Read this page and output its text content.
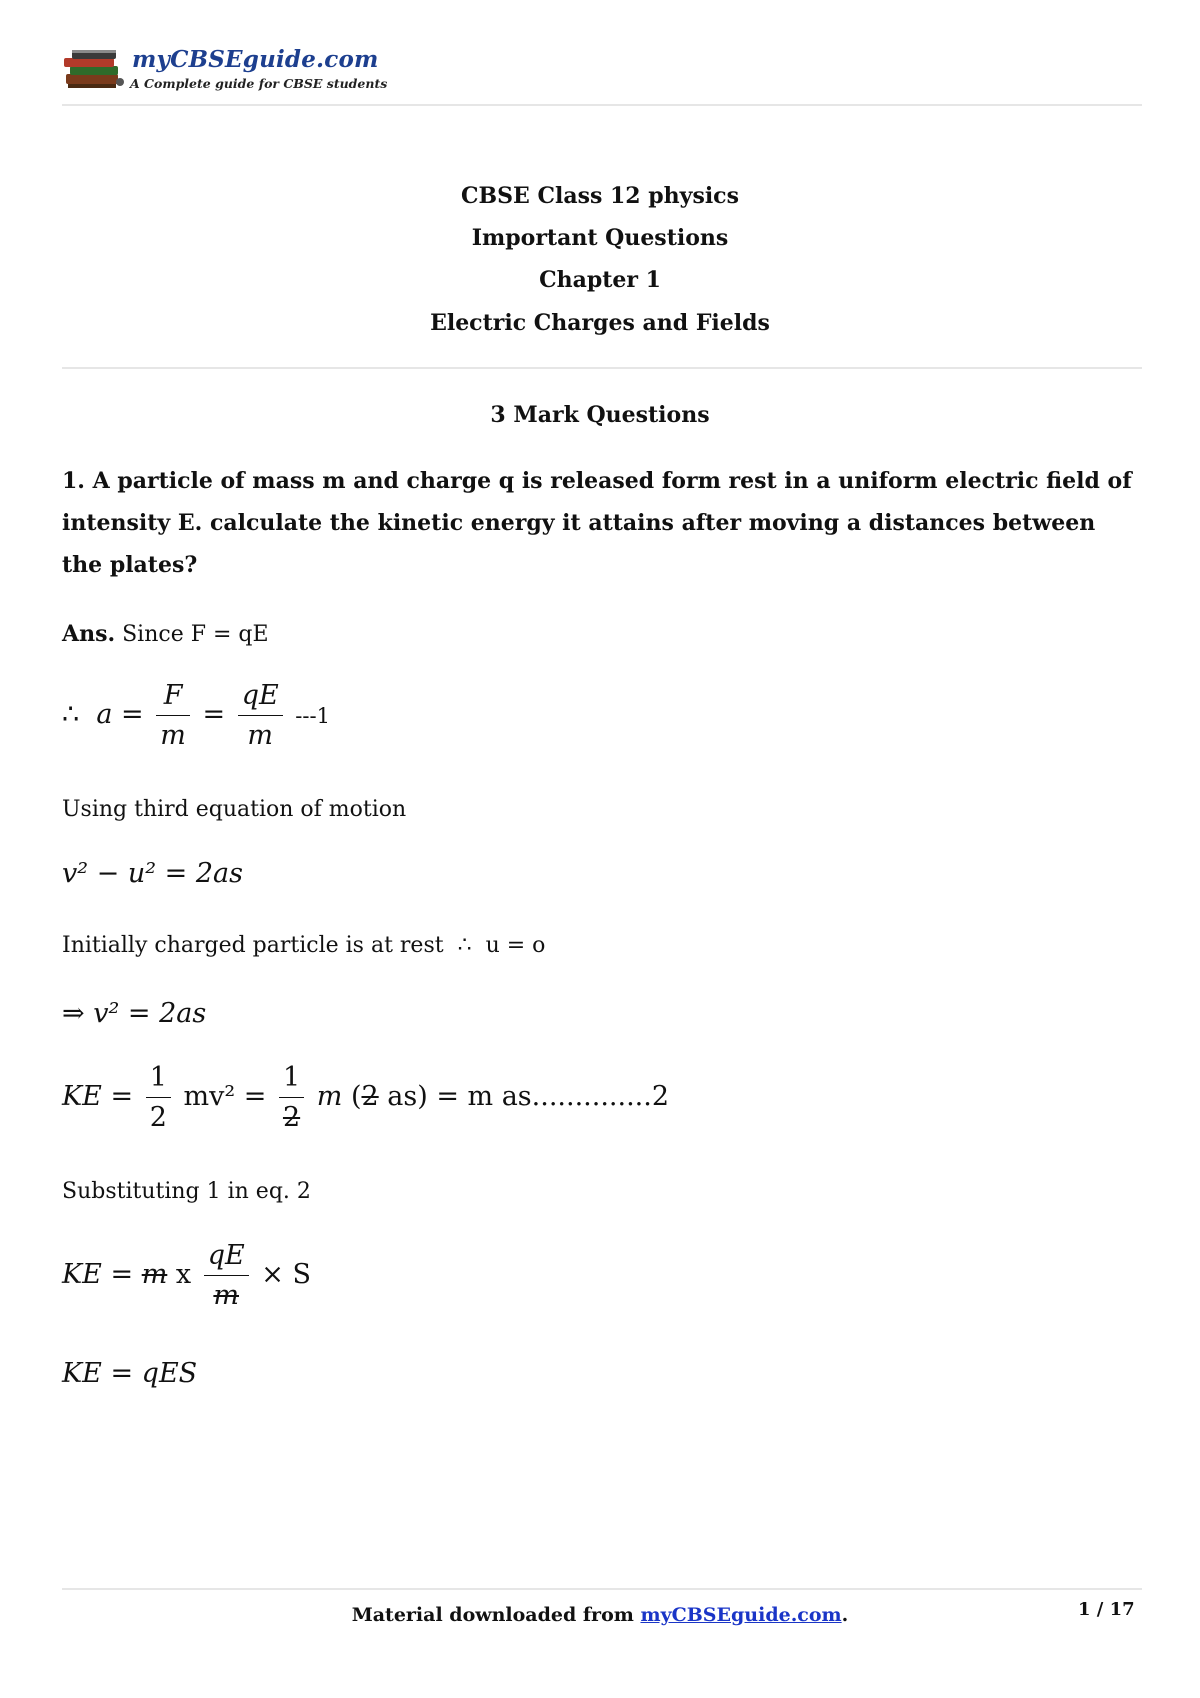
myCBSEguide.com
A Complete guide for CBSE students
CBSE Class 12 physics
Important Questions
Chapter 1
Electric Charges and Fields
3 Mark Questions
1. A particle of mass m and charge q is released form rest in a uniform electric field of intensity E. calculate the kinetic energy it attains after moving a distances between the plates?
Ans. Since F = qE
∴ $a = \frac{F}{m} = \frac{qE}{m} ---1$
Using third equation of motion
v² − u² = 2as
Initially charged particle is at rest ∴ u = o
⇒ v² = 2as
KE = $\frac{1}{2} mv^2 = \frac{1}{2}$ m (2 as) = m as..............2
Substituting 1 in eq. 2
KE = m x $\frac{qE}{m} \times S$
KE = qES
Material downloaded from myCBSEguide.com.	1 / 17
